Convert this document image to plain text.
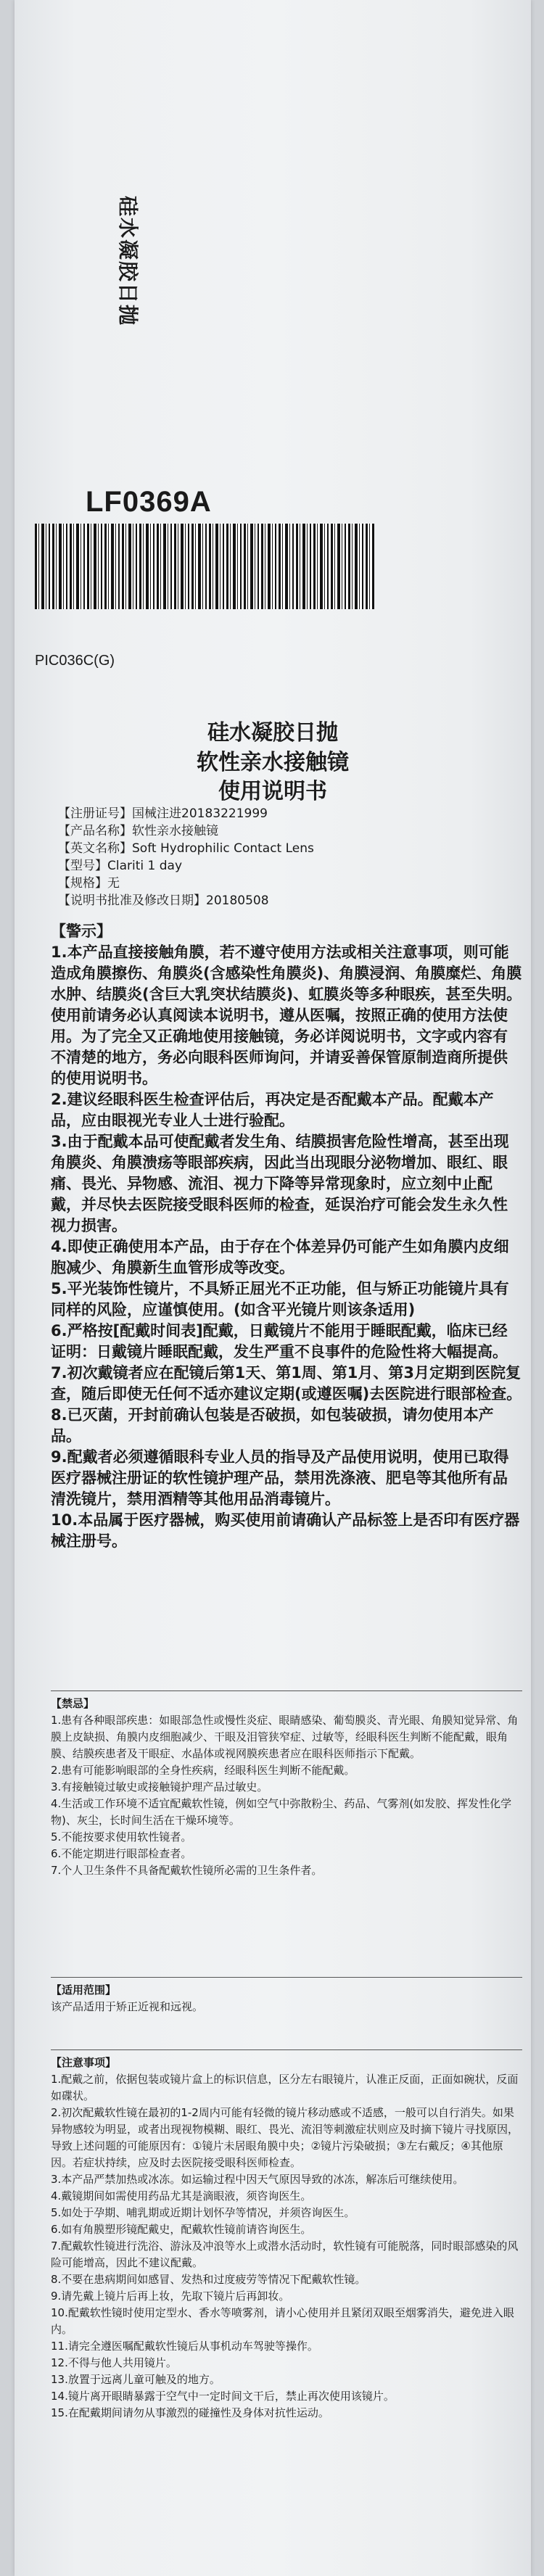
硅水凝胶日抛
LF0369A
PIC036C(G)
硅水凝胶日抛
软性亲水接触镜
使用说明书
【注册证号】国械注进20183221999
【产品名称】软性亲水接触镜
【英文名称】Soft Hydrophilic Contact Lens
【型号】Clariti 1 day
【规格】无
【说明书批准及修改日期】20180508

【警示】

1.本产品直接接触角膜，若不遵守使用方法或相关注意事项，则可能造成角膜擦伤、角膜炎(含感染性角膜炎)、角膜浸润、角膜糜烂、角膜水肿、结膜炎(含巨大乳突状结膜炎)、虹膜炎等多种眼疾，甚至失明。使用前请务必认真阅读本说明书，遵从医嘱，按照正确的使用方法使用。为了完全又正确地使用接触镜，务必详阅说明书，文字或内容有不清楚的地方，务必向眼科医师询问，并请妥善保管原制造商所提供的使用说明书。

2.建议经眼科医生检查评估后，再决定是否配戴本产品。配戴本产品，应由眼视光专业人士进行验配。

3.由于配戴本品可使配戴者发生角、结膜损害危险性增高，甚至出现角膜炎、角膜溃疡等眼部疾病，因此当出现眼分泌物增加、眼红、眼痛、畏光、异物感、流泪、视力下降等异常现象时，应立刻中止配戴，并尽快去医院接受眼科医师的检查，延误治疗可能会发生永久性视力损害。

4.即使正确使用本产品，由于存在个体差异仍可能产生如角膜内皮细胞减少、角膜新生血管形成等改变。

5.平光装饰性镜片，不具矫正屈光不正功能，但与矫正功能镜片具有同样的风险，应谨慎使用。(如含平光镜片则该条适用)

6.严格按[配戴时间表]配戴，日戴镜片不能用于睡眠配戴，临床已经证明：日戴镜片睡眠配戴，发生严重不良事件的危险性将大幅提高。

7.初次戴镜者应在配镜后第1天、第1周、第1月、第3月定期到医院复查，随后即使无任何不适亦建议定期(或遵医嘱)去医院进行眼部检查。

8.已灭菌，开封前确认包装是否破损，如包装破损，请勿使用本产品。

9.配戴者必须遵循眼科专业人员的指导及产品使用说明，使用已取得医疗器械注册证的软性镜护理产品，禁用洗涤液、肥皂等其他所有品清洗镜片，禁用酒精等其他用品消毒镜片。

10.本品属于医疗器械，购买使用前请确认产品标签上是否印有医疗器械注册号。

【禁忌】

1.患有各种眼部疾患：如眼部急性或慢性炎症、眼睛感染、葡萄膜炎、青光眼、角膜知觉异常、角膜上皮缺损、角膜内皮细胞减少、干眼及泪管狭窄症、过敏等，经眼科医生判断不能配戴，眼角膜、结膜疾患者及干眼症、水晶体或视网膜疾患者应在眼科医师指示下配戴。

2.患有可能影响眼部的全身性疾病，经眼科医生判断不能配戴。

3.有接触镜过敏史或接触镜护理产品过敏史。

4.生活或工作环境不适宜配戴软性镜，例如空气中弥散粉尘、药品、气雾剂(如发胶、挥发性化学物)、灰尘，长时间生活在干燥环境等。

5.不能按要求使用软性镜者。

6.不能定期进行眼部检查者。

7.个人卫生条件不具备配戴软性镜所必需的卫生条件者。

【适用范围】

该产品适用于矫正近视和远视。

【注意事项】

1.配戴之前，依据包装或镜片盒上的标识信息，区分左右眼镜片，认准正反面，正面如碗状，反面如碟状。

2.初次配戴软性镜在最初的1-2周内可能有轻微的镜片移动感或不适感，一般可以自行消失。如果异物感较为明显，或者出现视物模糊、眼红、畏光、流泪等刺激症状则应及时摘下镜片寻找原因，导致上述问题的可能原因有：①镜片未居眼角膜中央；②镜片污染破损；③左右戴反；④其他原因。若症状持续，应及时去医院接受眼科医师检查。

3.本产品严禁加热或冰冻。如运输过程中因天气原因导致的冰冻，解冻后可继续使用。

4.戴镜期间如需使用药品尤其是滴眼液，须咨询医生。

5.如处于孕期、哺乳期或近期计划怀孕等情况，并须咨询医生。

6.如有角膜塑形镜配戴史，配戴软性镜前请咨询医生。

7.配戴软性镜进行洗浴、游泳及冲浪等水上或潜水活动时，软性镜有可能脱落，同时眼部感染的风险可能增高，因此不建议配戴。

8.不要在患病期间如感冒、发热和过度疲劳等情况下配戴软性镜。

9.请先戴上镜片后再上妆，先取下镜片后再卸妆。

10.配戴软性镜时使用定型水、香水等喷雾剂，请小心使用并且紧闭双眼至烟雾消失，避免进入眼内。

11.请完全遵医嘱配戴软性镜后从事机动车驾驶等操作。

12.不得与他人共用镜片。

13.放置于远离儿童可触及的地方。

14.镜片离开眼睛暴露于空气中一定时间文干后，禁止再次使用该镜片。

15.在配戴期间请勿从事激烈的碰撞性及身体对抗性运动。
